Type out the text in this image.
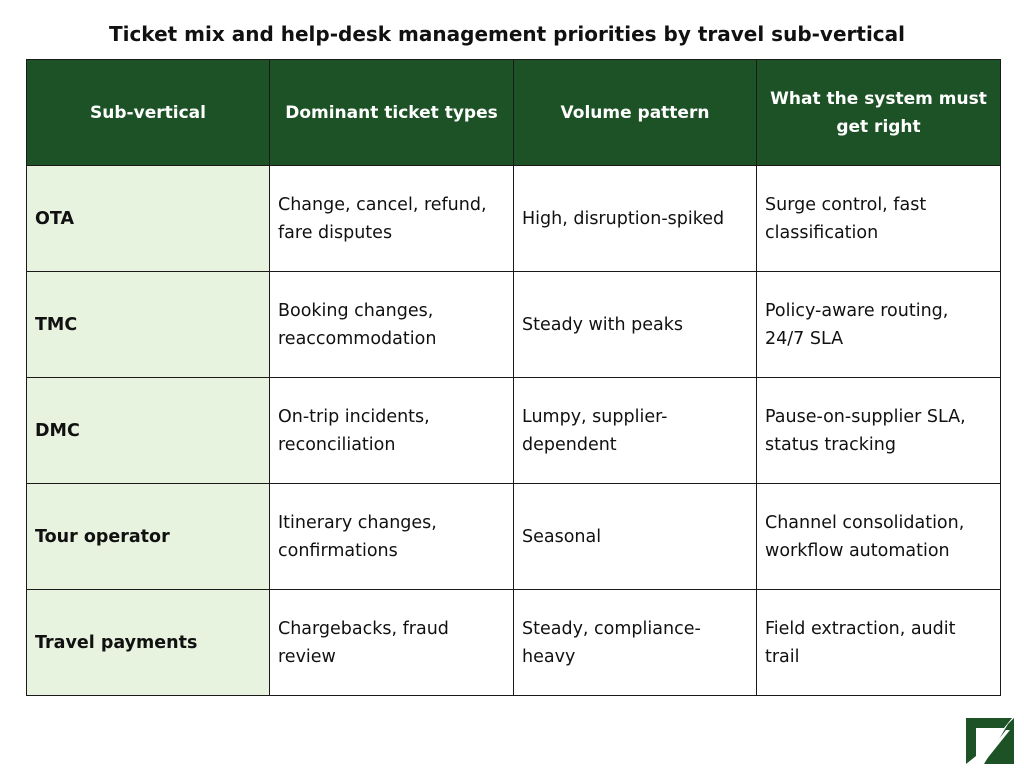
Ticket mix and help-desk management priorities by travel sub-vertical
Sub-vertical	Dominant ticket types	Volume pattern	What the system must get right
OTA	Change, cancel, refund, fare disputes	High, disruption-spiked	Surge control, fast classification
TMC	Booking changes, reaccommodation	Steady with peaks	Policy-aware routing, 24/7 SLA
DMC	On-trip incidents, reconciliation	Lumpy, supplier-dependent	Pause-on-supplier SLA, status tracking
Tour operator	Itinerary changes, confirmations	Seasonal	Channel consolidation, workflow automation
Travel payments	Chargebacks, fraud review	Steady, compliance-heavy	Field extraction, audit trail
